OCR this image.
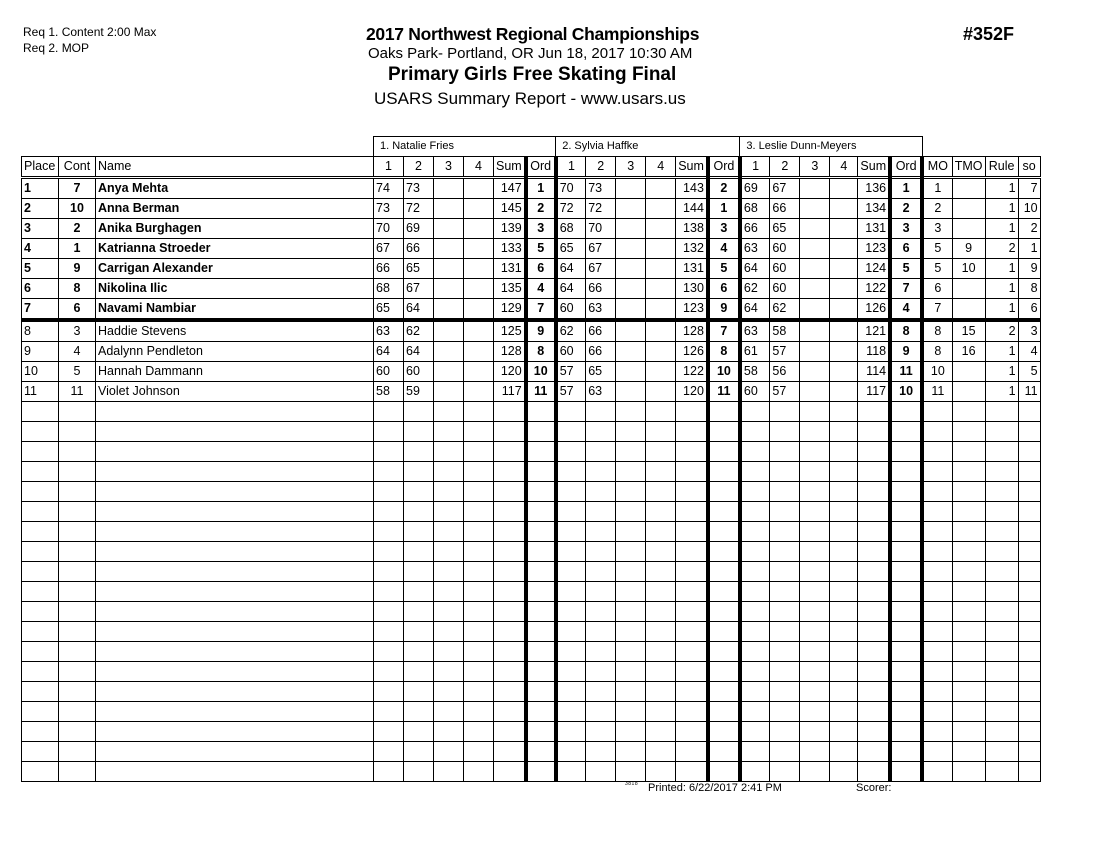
Req 1. Content 2:00 Max
Req 2. MOP
2017 Northwest Regional Championships
Oaks Park- Portland, OR Jun 18, 2017 10:30 AM
Primary Girls Free Skating Final
USARS Summary Report - www.usars.us
#352F
			1. Natalie Fries						2. Sylvia Haffke						3. Leslie Dunn-Meyers									
Place	Cont	Name	1	2	3	4	Sum	Ord	1	2	3	4	Sum	Ord	1	2	3	4	Sum	Ord	MO	TMO	Rule	so
1	7	Anya Mehta	74	73			147	1	70	73			143	2	69	67			136	1	1		1	7
2	10	Anna Berman	73	72			145	2	72	72			144	1	68	66			134	2	2		1	10
3	2	Anika Burghagen	70	69			139	3	68	70			138	3	66	65			131	3	3		1	2
4	1	Katrianna Stroeder	67	66			133	5	65	67			132	4	63	60			123	6	5	9	2	1
5	9	Carrigan Alexander	66	65			131	6	64	67			131	5	64	60			124	5	5	10	1	9
6	8	Nikolina Ilic	68	67			135	4	64	66			130	6	62	60			122	7	6		1	8
7	6	Navami Nambiar	65	64			129	7	60	63			123	9	64	62			126	4	7		1	6
8	3	Haddie Stevens	63	62			125	9	62	66			128	7	63	58			121	8	8	15	2	3
9	4	Adalynn Pendleton	64	64			128	8	60	66			126	8	61	57			118	9	8	16	1	4
10	5	Hannah Dammann	60	60			120	10	57	65			122	10	58	56			114	11	10		1	5
11	11	Violet Johnson	58	59			117	11	57	63			120	11	60	57			117	10	11		1	11

3818 Printed: 6/22/2017 2:41 PM	Scorer:
